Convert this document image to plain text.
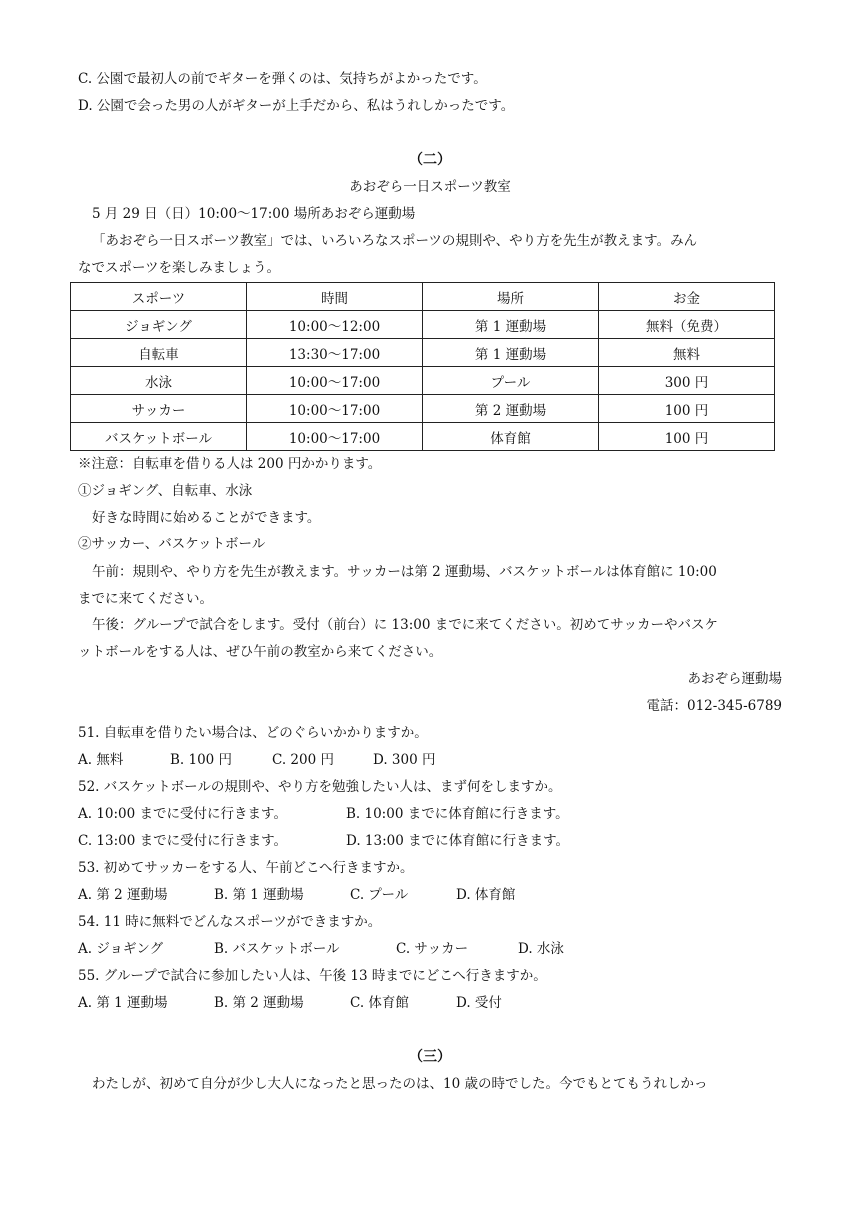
C. 公園で最初人の前でギターを弾くのは、気持ちがよかったです。
D. 公園で会った男の人がギターが上手だから、私はうれしかったです。
（二）
あおぞら一日スポーツ教室
5 月 29 日（日）10:00～17:00 場所あおぞら運動場
「あおぞら一日スボーツ教室」では、いろいろなスポーツの規則や、やり方を先生が教えます。みん
なでスポーツを楽しみましょう。
スポーツ	時間	場所	お金
ジョギング	10:00～12:00	第 1 運動場	無料（免费）
自転車	13:30～17:00	第 1 運動場	無料
水泳	10:00～17:00	プール	300 円
サッカー	10:00～17:00	第 2 運動場	100 円
バスケットボール	10:00～17:00	体育館	100 円
※注意：自転車を借りる人は 200 円かかります。
①ジョギング、自転車、水泳
好きな時間に始めることができます。
②サッカー、バスケットボール
午前：規則や、やり方を先生が教えます。サッカーは第 2 運動場、バスケットボールは体育館に 10:00
までに来てください。
午後：グループで試合をします。受付（前台）に 13:00 までに来てください。初めてサッカーやバスケ
ットボールをする人は、ぜひ午前の教室から来てください。
あおぞら運動場
電話：012-345-6789
51. 自転車を借りたい場合は、どのぐらいかかりますか。
A. 無料	B. 100 円	C. 200 円	D. 300 円
52. バスケットボールの規則や、やり方を勉強したい人は、まず何をしますか。
A. 10:00 までに受付に行きます。	B. 10:00 までに体育館に行きます。
C. 13:00 までに受付に行きます。	D. 13:00 までに体育館に行きます。
53. 初めてサッカーをする人、午前どこへ行きますか。
A. 第 2 運動場	B. 第 1 運動場	C. プール	D. 体育館
54. 11 時に無料でどんなスポーツができますか。
A. ジョギング	B. バスケットボール	C. サッカー	D. 水泳
55. グループで試合に参加したい人は、午後 13 時までにどこへ行きますか。
A. 第 1 運動場	B. 第 2 運動場	C. 体育館	D. 受付
（三）
わたしが、初めて自分が少し大人になったと思ったのは、10 歳の時でした。今でもとてもうれしかっ
